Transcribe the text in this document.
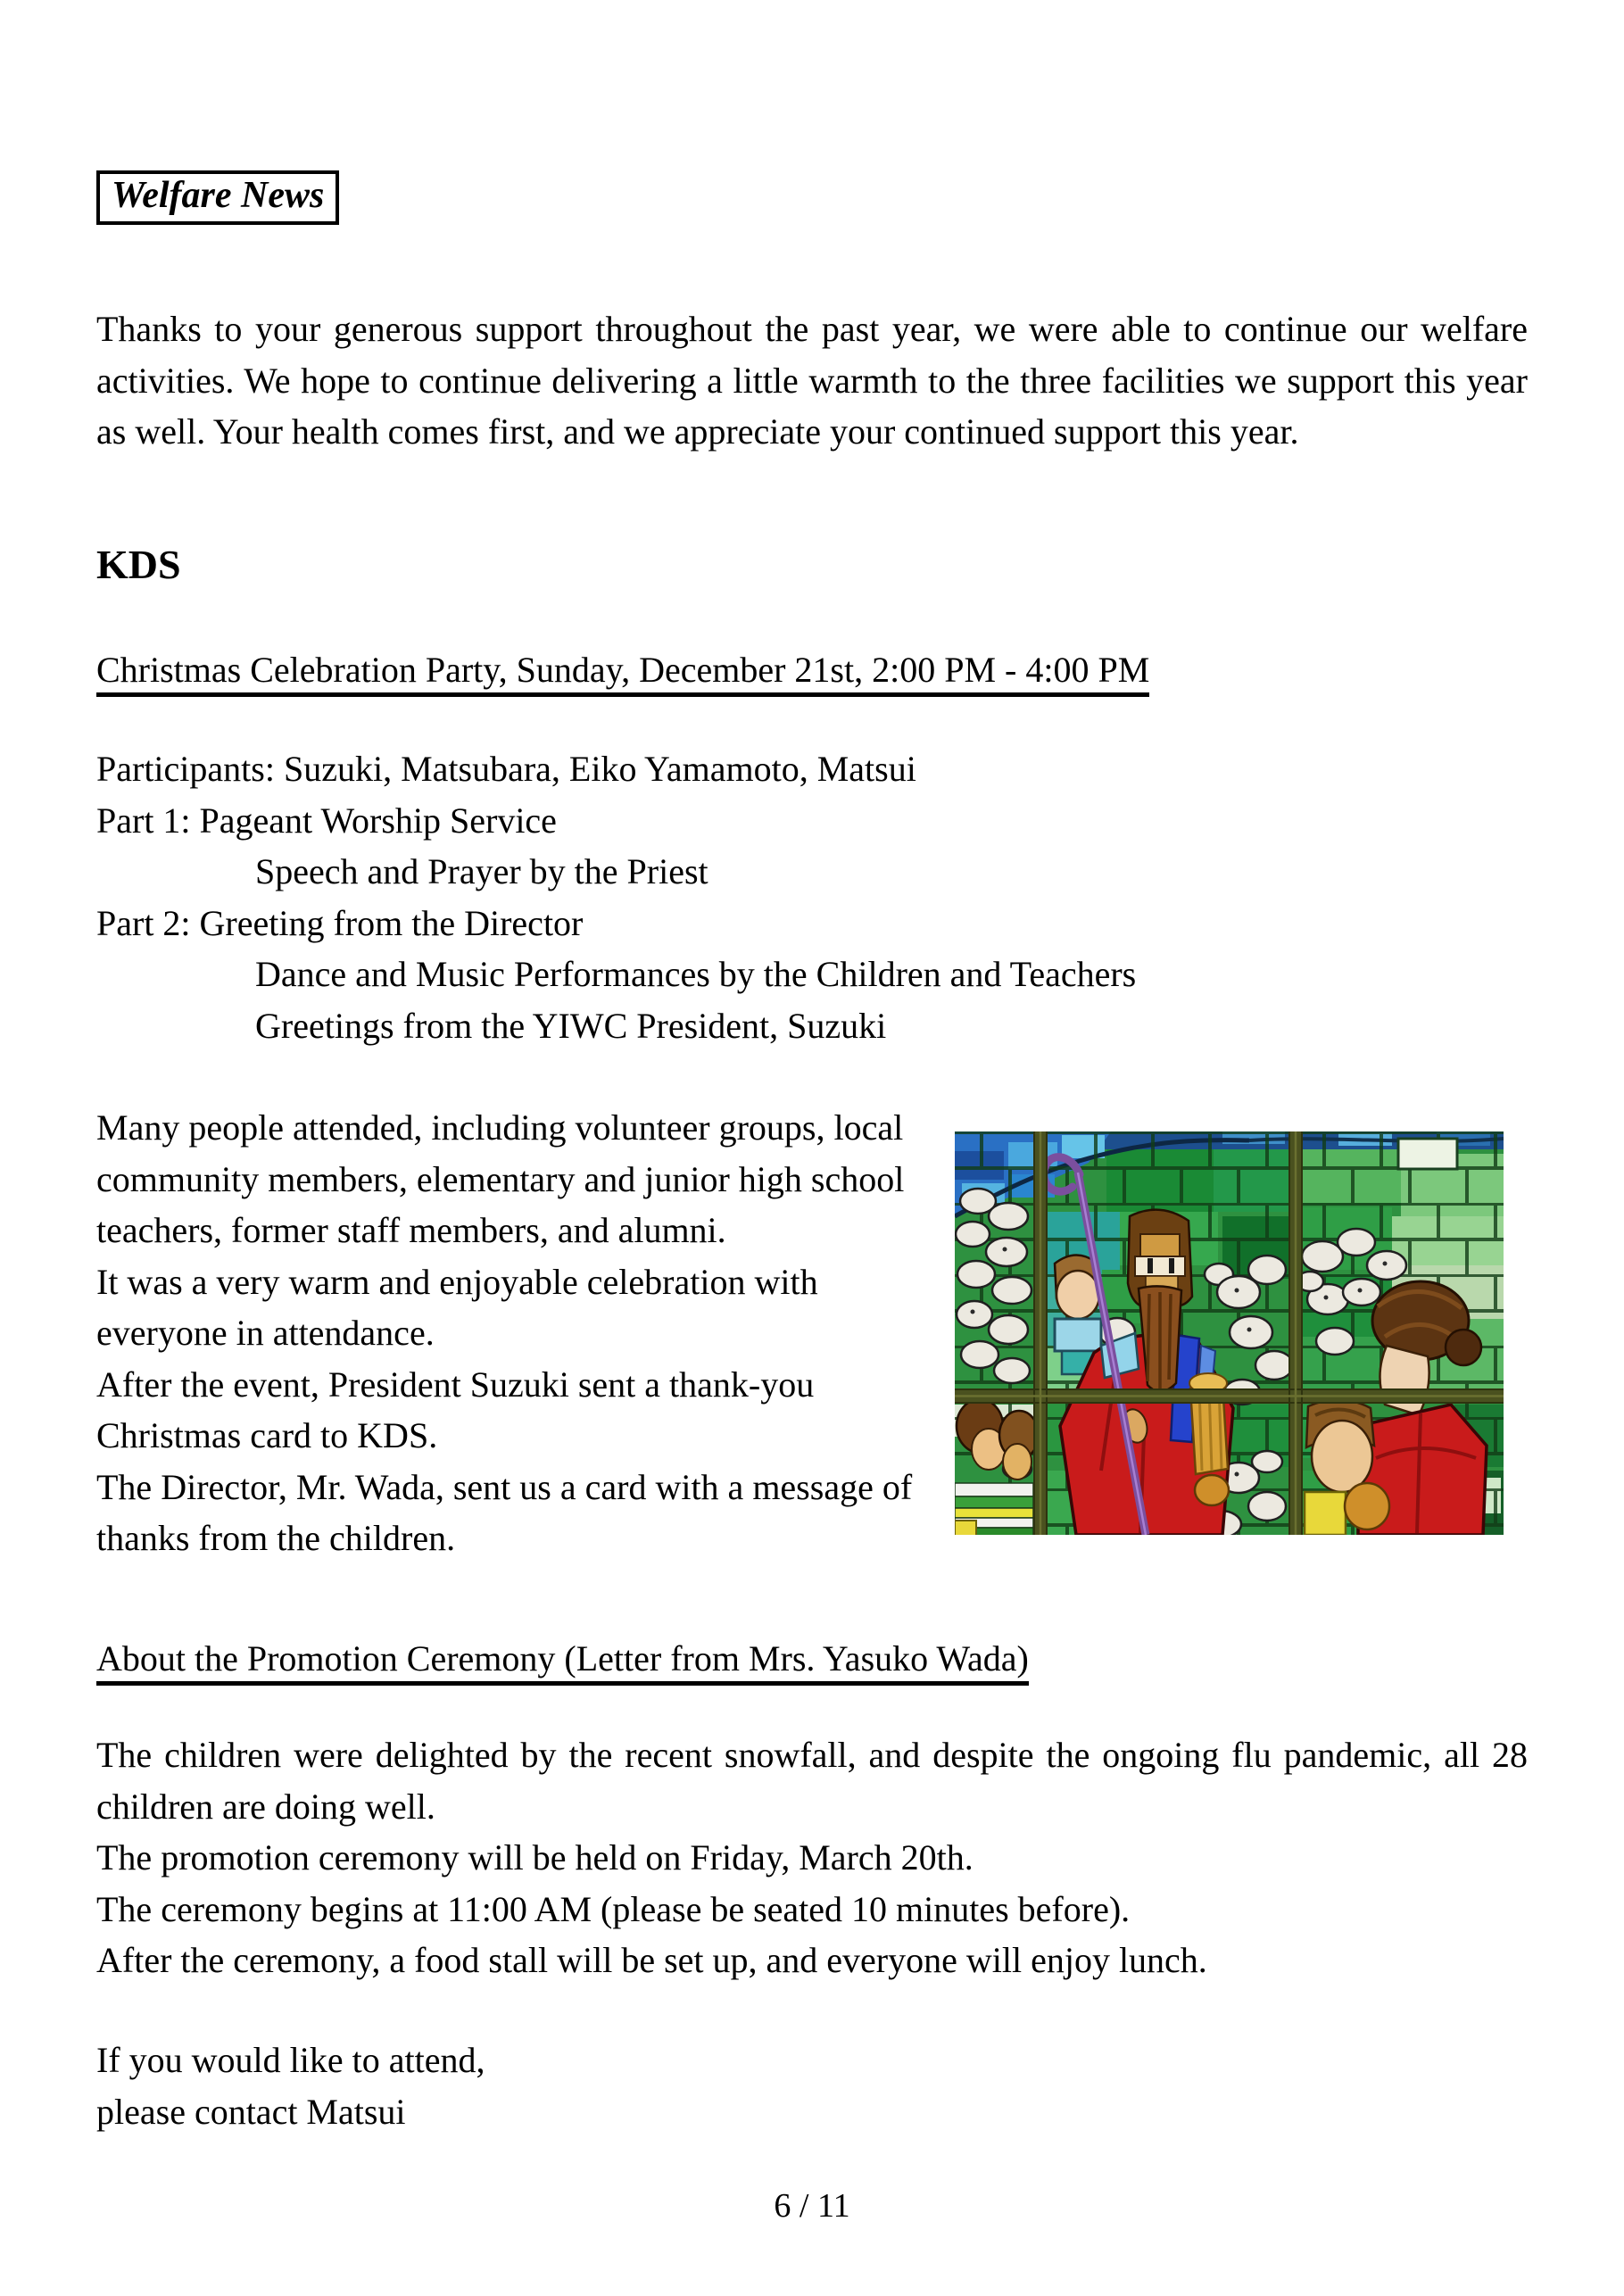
Welfare News
Thanks to your generous support throughout the past year, we were able to continue our welfare activities. We hope to continue delivering a little warmth to the three facilities we support this year as well. Your health comes first, and we appreciate your continued support this year.
KDS
Christmas Celebration Party, Sunday, December 21st, 2:00 PM - 4:00 PM
Participants: Suzuki, Matsubara, Eiko Yamamoto, Matsui
Part 1: Pageant Worship Service
Speech and Prayer by the Priest
Part 2: Greeting from the Director
Dance and Music Performances by the Children and Teachers
Greetings from the YIWC President, Suzuki
Many people attended, including volunteer groups, local community members, elementary and junior high school teachers, former staff members, and alumni.
It was a very warm and enjoyable celebration with everyone in attendance.
After the event, President Suzuki sent a thank-you Christmas card to KDS.
The Director, Mr. Wada, sent us a card with a message of thanks from the children.
About the Promotion Ceremony (Letter from Mrs. Yasuko Wada)
The children were delighted by the recent snowfall, and despite the ongoing flu pandemic, all 28 children are doing well.
The promotion ceremony will be held on Friday, March 20th.
The ceremony begins at 11:00 AM (please be seated 10 minutes before).
After the ceremony, a food stall will be set up, and everyone will enjoy lunch.
If you would like to attend,
please contact Matsui
6 / 11
